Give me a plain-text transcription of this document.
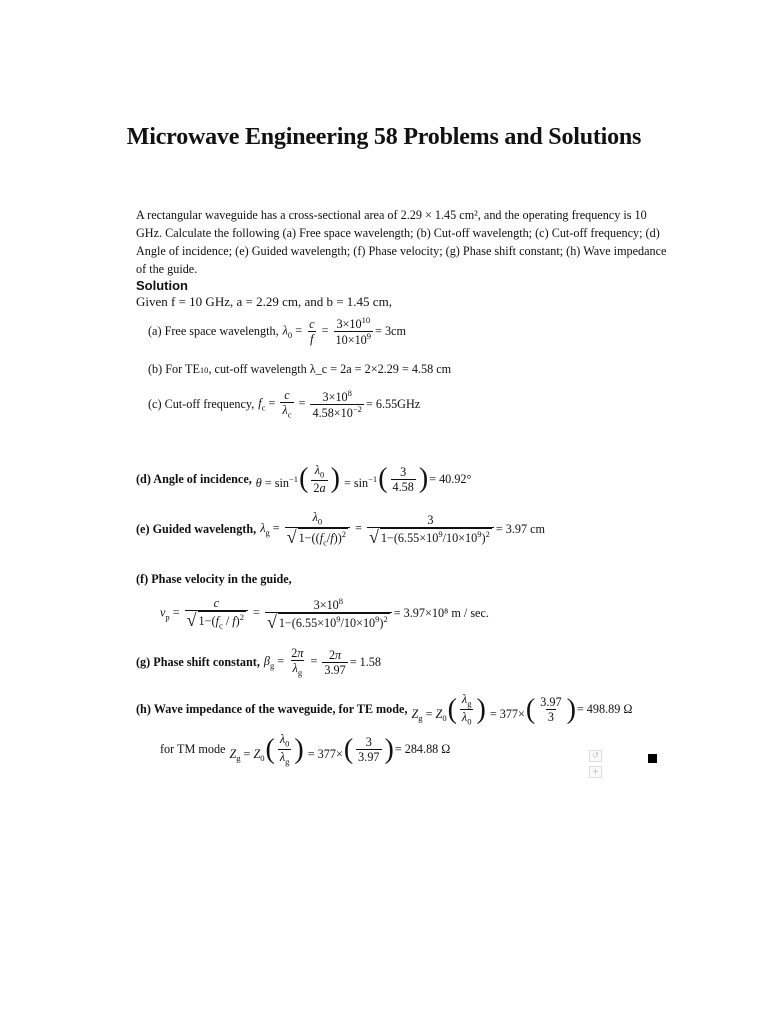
Microwave Engineering 58 Problems and Solutions
A rectangular waveguide has a cross-sectional area of 2.29 × 1.45 cm², and the operating frequency is 10 GHz. Calculate the following (a) Free space wavelength; (b) Cut-off wavelength; (c) Cut-off frequency; (d) Angle of incidence; (e) Guided wavelength; (f) Phase velocity; (g) Phase shift constant; (h) Wave impedance of the guide.
Solution
Given f = 10 GHz, a = 2.29 cm, and b = 1.45 cm,
(a) Free space wavelength, $\lambda_0 = \frac{c}{f} = \frac{3\times 10^{10}}{10\times 10^9} = 3cm$
(b) For TE 10 , cut-off wavelength
λ_c = 2a = 2×2.29 = 4.58 cm
(c) Cut-off frequency, $f_c = \frac{c}{\lambda_c} = \frac{3\times 10^8}{4.58\times 10^{-2}} = 6.55GHz$
(d) Angle of incidence, $\theta = \sin^{-1}$ ( $\frac{\lambda_0}{2a}$ ) = $\sin^{-1}$ ( $\frac{3}{4.58}$ ) = 40.92°
(e) Guided wavelength, $\lambda_g = \frac{\lambda_0}{√ 1-((f_c/f))^2} = \frac{3}{√ 1-(6.55\times 10^9/10\times 10^9)^2} = 3.97$ cm
(f) Phase velocity in the guide,
$v_p = \frac{c}{√ 1-(f_c / f)^2} = \frac{3\times 10^8}{√ 1-(6.55\times 10^9/10\times 10^9)^2} = 3.97\times 10^8$ m / sec.
(g) Phase shift constant, $\beta_g = \frac{2\pi}{\lambda_g} = \frac{2\pi}{3.97} = 1.58$
(h) Wave impedance of the waveguide, for TE mode, $Z_g = Z_0$ ( $\frac{\lambda_g}{\lambda_0}$ ) = 377× ( $\frac{3.97}{3}$ ) = 498.89 Ω
for TM mode $Z_g = Z_0$ ( $\frac{\lambda_0}{\lambda_g}$ ) = 377× ( $\frac{3}{3.97}$ ) = 284.88 Ω	↺
+
